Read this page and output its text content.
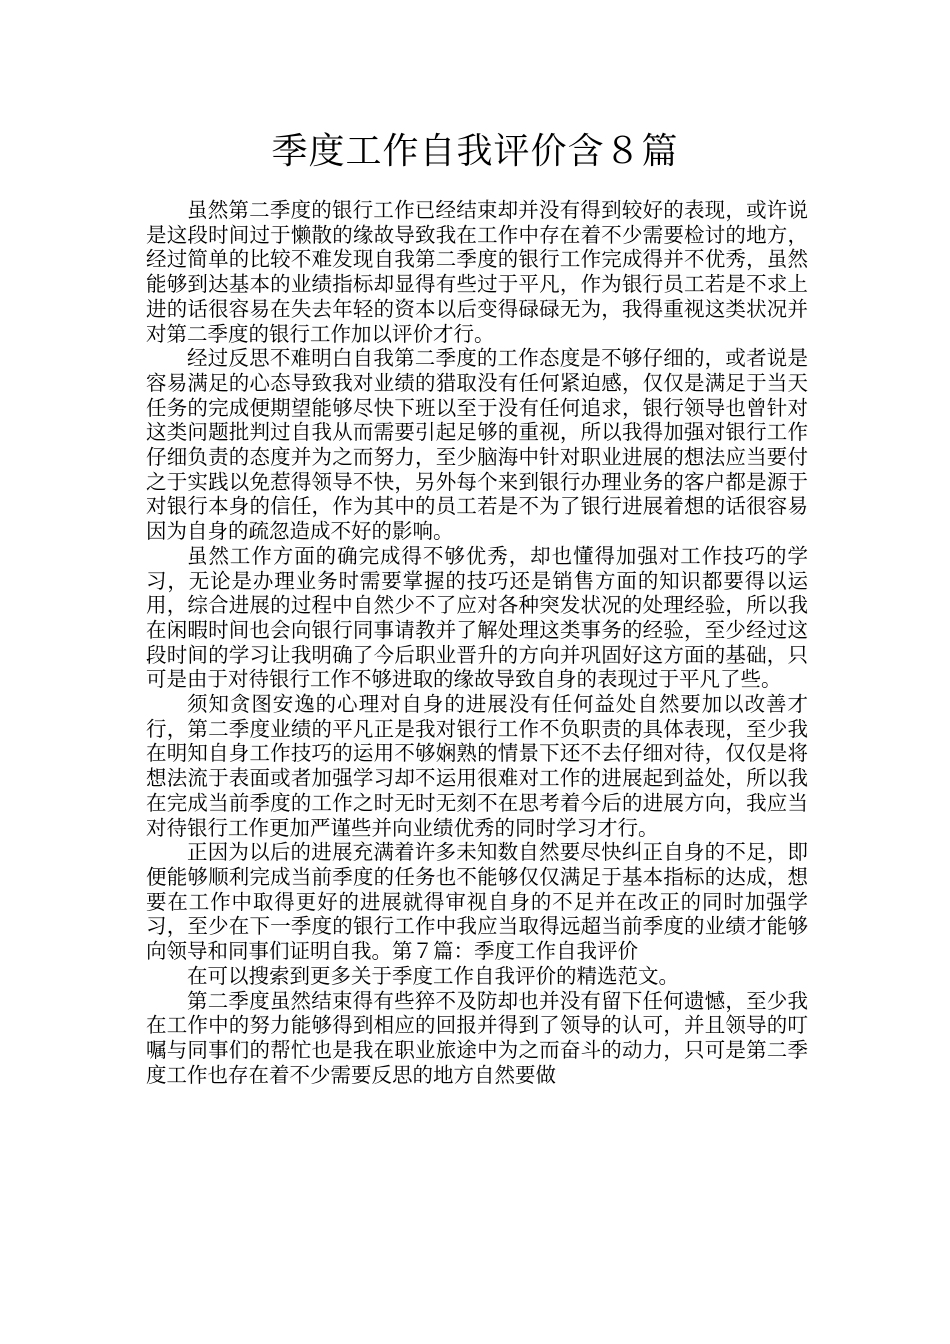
季度工作自我评价含８篇

虽然第二季度的银行工作已经结束却并没有得到较好的表现，或许说是这段时间过于懒散的缘故导致我在工作中存在着不少需要检讨的地方，经过简单的比较不难发现自我第二季度的银行工作完成得并不优秀，虽然能够到达基本的业绩指标却显得有些过于平凡，作为银行员工若是不求上进的话很容易在失去年轻的资本以后变得碌碌无为，我得重视这类状况并对第二季度的银行工作加以评价才行。

经过反思不难明白自我第二季度的工作态度是不够仔细的，或者说是容易满足的心态导致我对业绩的猎取没有任何紧迫感，仅仅是满足于当天任务的完成便期望能够尽快下班以至于没有任何追求，银行领导也曾针对这类问题批判过自我从而需要引起足够的重视，所以我得加强对银行工作仔细负责的态度并为之而努力，至少脑海中针对职业进展的想法应当要付之于实践以免惹得领导不快，另外每个来到银行办理业务的客户都是源于对银行本身的信任，作为其中的员工若是不为了银行进展着想的话很容易因为自身的疏忽造成不好的影响。

虽然工作方面的确完成得不够优秀，却也懂得加强对工作技巧的学习，无论是办理业务时需要掌握的技巧还是销售方面的知识都要得以运用，综合进展的过程中自然少不了应对各种突发状况的处理经验，所以我在闲暇时间也会向银行同事请教并了解处理这类事务的经验，至少经过这段时间的学习让我明确了今后职业晋升的方向并巩固好这方面的基础，只可是由于对待银行工作不够进取的缘故导致自身的表现过于平凡了些。

须知贪图安逸的心理对自身的进展没有任何益处自然要加以改善才行，第二季度业绩的平凡正是我对银行工作不负职责的具体表现，至少我在明知自身工作技巧的运用不够娴熟的情景下还不去仔细对待，仅仅是将想法流于表面或者加强学习却不运用很难对工作的进展起到益处，所以我在完成当前季度的工作之时无时无刻不在思考着今后的进展方向，我应当对待银行工作更加严谨些并向业绩优秀的同时学习才行。

正因为以后的进展充满着许多未知数自然要尽快纠正自身的不足，即便能够顺利完成当前季度的任务也不能够仅仅满足于基本指标的达成，想要在工作中取得更好的进展就得审视自身的不足并在改正的同时加强学习，至少在下一季度的银行工作中我应当取得远超当前季度的业绩才能够向领导和同事们证明自我。第７篇：季度工作自我评价

在可以搜索到更多关于季度工作自我评价的精选范文。

第二季度虽然结束得有些猝不及防却也并没有留下任何遗憾，至少我在工作中的努力能够得到相应的回报并得到了领导的认可，并且领导的叮嘱与同事们的帮忙也是我在职业旅途中为之而奋斗的动力，只可是第二季度工作也存在着不少需要反思的地方自然要做
